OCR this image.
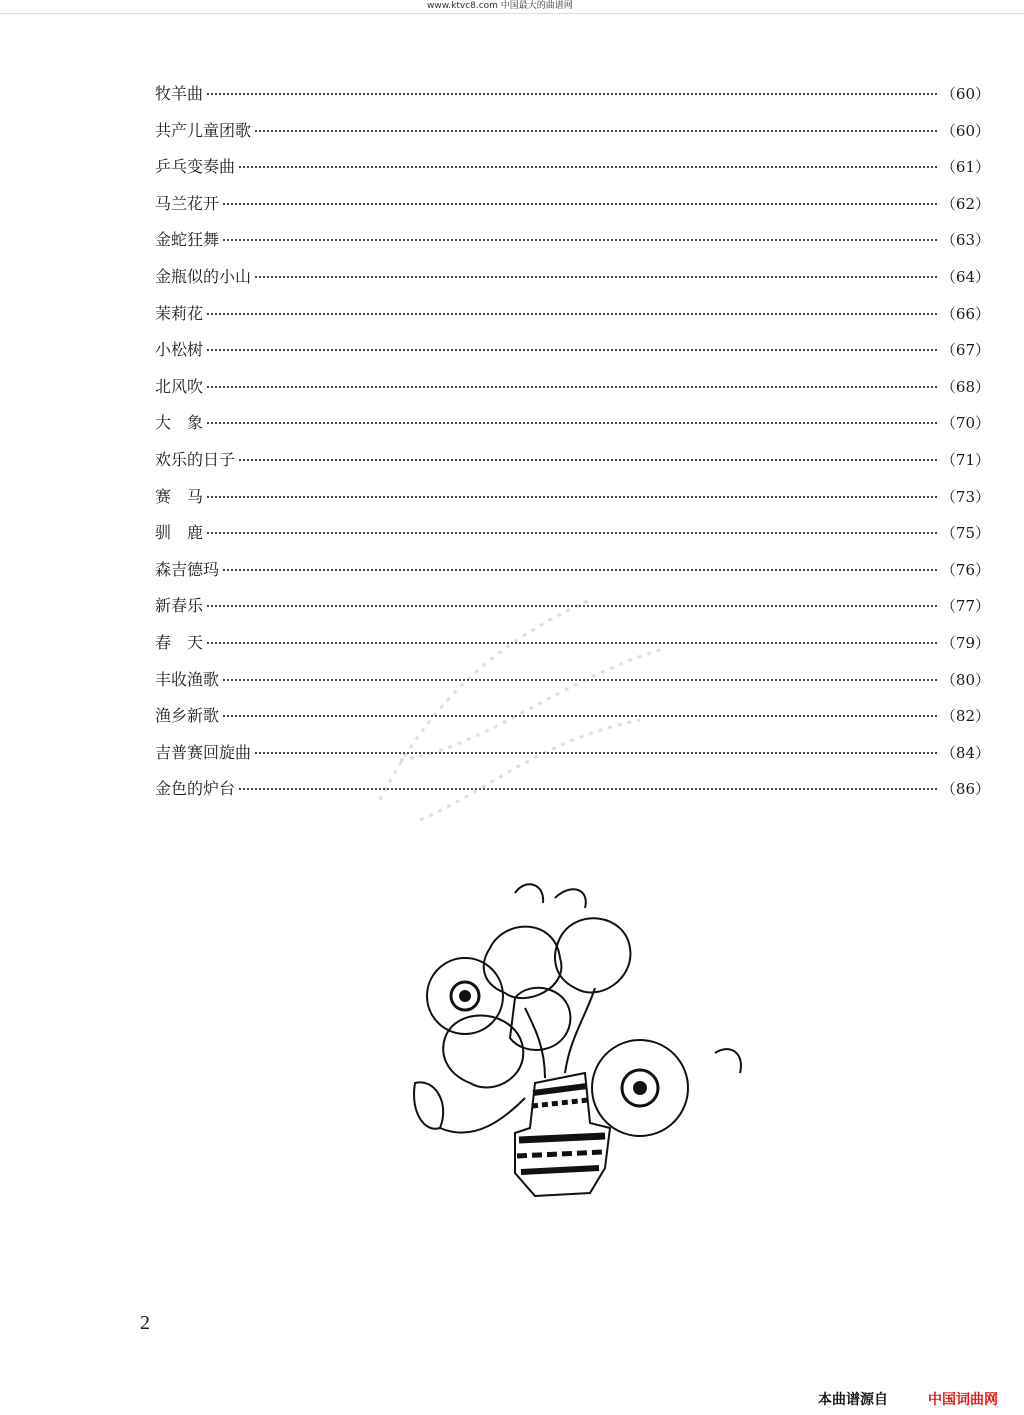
www.ktvc8.com 中国最大的曲谱网
牧羊曲	（60）
共产儿童团歌	（60）
乒乓变奏曲	（61）
马兰花开	（62）
金蛇狂舞	（63）
金瓶似的小山	（64）
茉莉花	（66）
小松树	（67）
北风吹	（68）
大　象	（70）
欢乐的日子	（71）
赛　马	（73）
驯　鹿	（75）
森吉德玛	（76）
新春乐	（77）
春　天	（79）
丰收渔歌	（80）
渔乡新歌	（82）
吉普赛回旋曲	（84）
金色的炉台	（86）
2
本曲谱源自	中国词曲网
